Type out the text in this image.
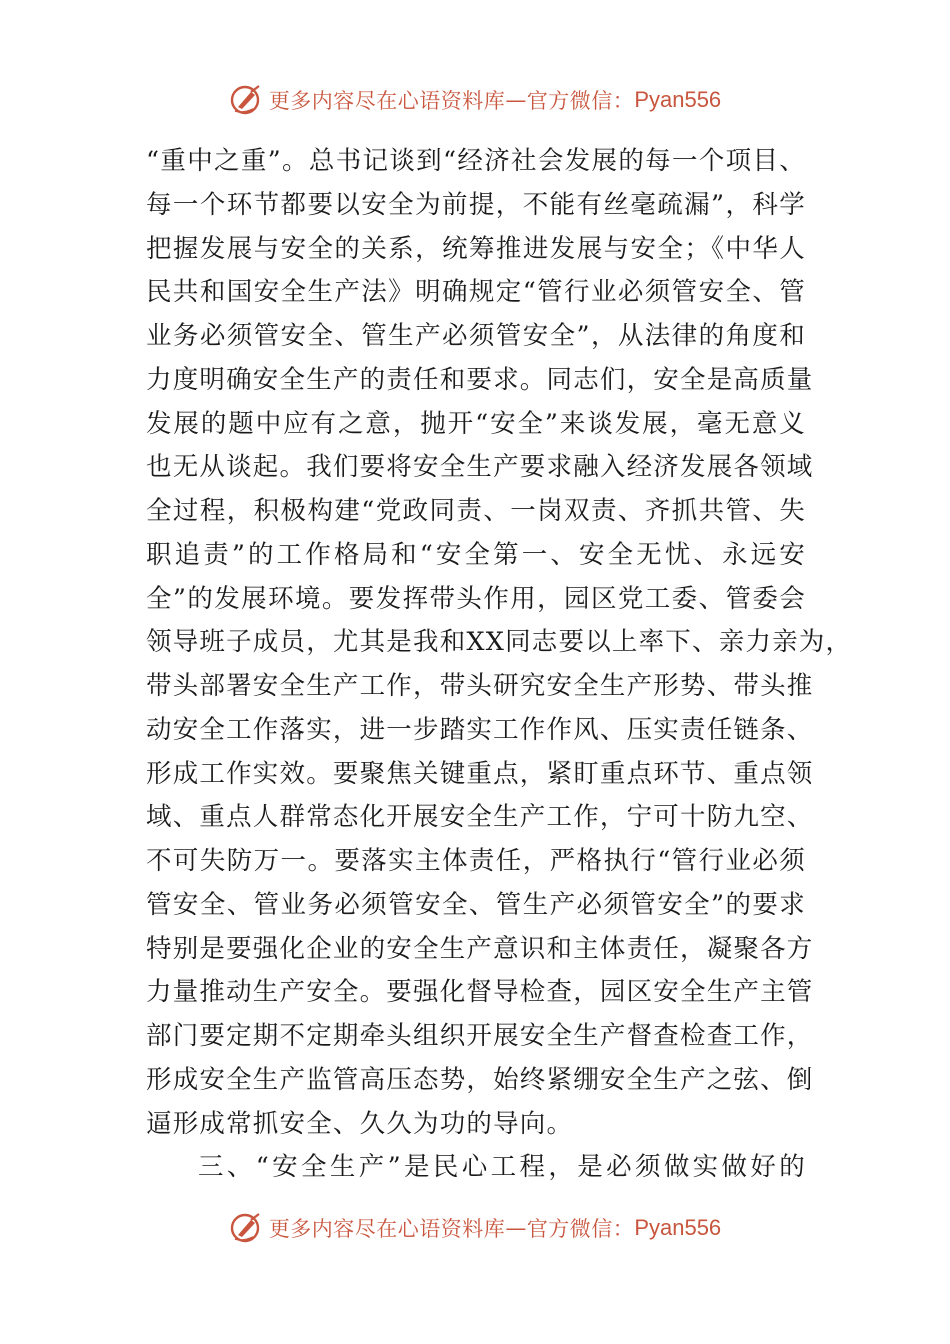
更多内容尽在心语资料库 — 官方微信： Pyan556
“重中之重”。总书记谈到“经济社会发展的每一个项目、
每一个环节都要以安全为前提，不能有丝毫疏漏”，科学
把握发展与安全的关系，统筹推进发展与安全；《中华人
民共和国安全生产法》明确规定“管行业必须管安全、管
业务必须管安全、管生产必须管安全”，从法律的角度和
力度明确安全生产的责任和要求。同志们，安全是高质量
发展的题中应有之意，抛开“安全”来谈发展，毫无意义
也无从谈起。我们要将安全生产要求融入经济发展各领域
全过程，积极构建“党政同责、一岗双责、齐抓共管、失
职追责”的工作格局和“安全第一、安全无忧、永远安
全”的发展环境。要发挥带头作用，园区党工委、管委会
领导班子成员，尤其是我和XX同志要以上率下、亲力亲为，
带头部署安全生产工作，带头研究安全生产形势、带头推
动安全工作落实，进一步踏实工作作风、压实责任链条、
形成工作实效。要聚焦关键重点，紧盯重点环节、重点领
域、重点人群常态化开展安全生产工作，宁可十防九空、
不可失防万一。要落实主体责任，严格执行“管行业必须
管安全、管业务必须管安全、管生产必须管安全”的要求
特别是要强化企业的安全生产意识和主体责任，凝聚各方
力量推动生产安全。要强化督导检查，园区安全生产主管
部门要定期不定期牵头组织开展安全生产督查检查工作，
形成安全生产监管高压态势，始终紧绷安全生产之弦、倒
逼形成常抓安全、久久为功的导向。
三、“安全生产”是民心工程，是必须做实做好的
更多内容尽在心语资料库 — 官方微信： Pyan556
